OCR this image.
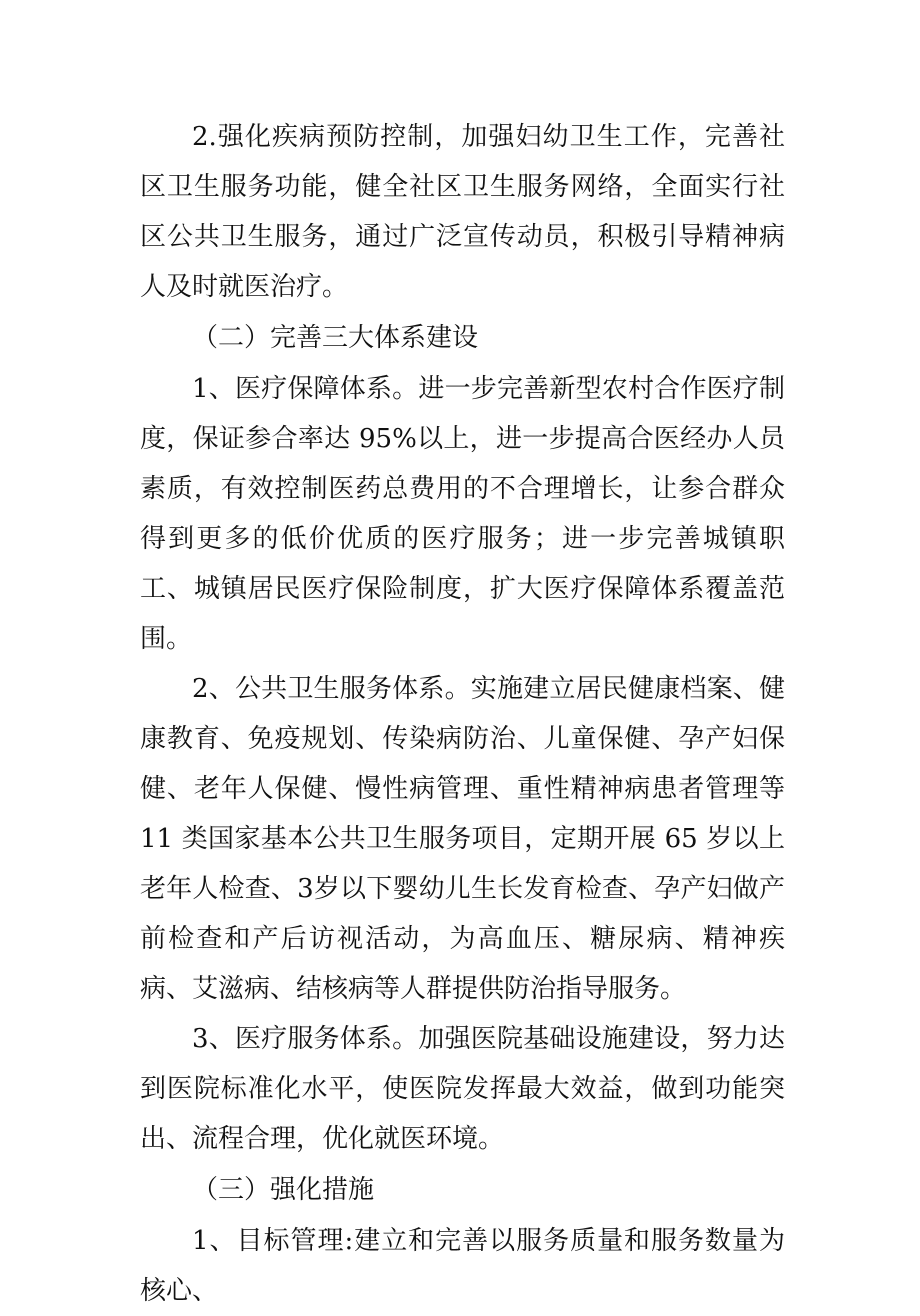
2.强化疾病预防控制，加强妇幼卫生工作，完善社区卫生服务功能，健全社区卫生服务网络，全面实行社区公共卫生服务，通过广泛宣传动员，积极引导精神病人及时就医治疗。

（二）完善三大体系建设

1、医疗保障体系。进一步完善新型农村合作医疗制度，保证参合率达 95%以上，进一步提高合医经办人员素质，有效控制医药总费用的不合理增长，让参合群众得到更多的低价优质的医疗服务；进一步完善城镇职工、城镇居民医疗保险制度，扩大医疗保障体系覆盖范围。

2、公共卫生服务体系。实施建立居民健康档案、健康教育、免疫规划、传染病防治、儿童保健、孕产妇保健、老年人保健、慢性病管理、重性精神病患者管理等 11 类国家基本公共卫生服务项目，定期开展 65 岁以上老年人检查、3岁以下婴幼儿生长发育检查、孕产妇做产前检查和产后访视活动，为高血压、糖尿病、精神疾病、艾滋病、结核病等人群提供防治指导服务。

3、医疗服务体系。加强医院基础设施建设，努力达到医院标准化水平，使医院发挥最大效益，做到功能突出、流程合理，优化就医环境。

（三）强化措施

1、目标管理:建立和完善以服务质量和服务数量为核心、
